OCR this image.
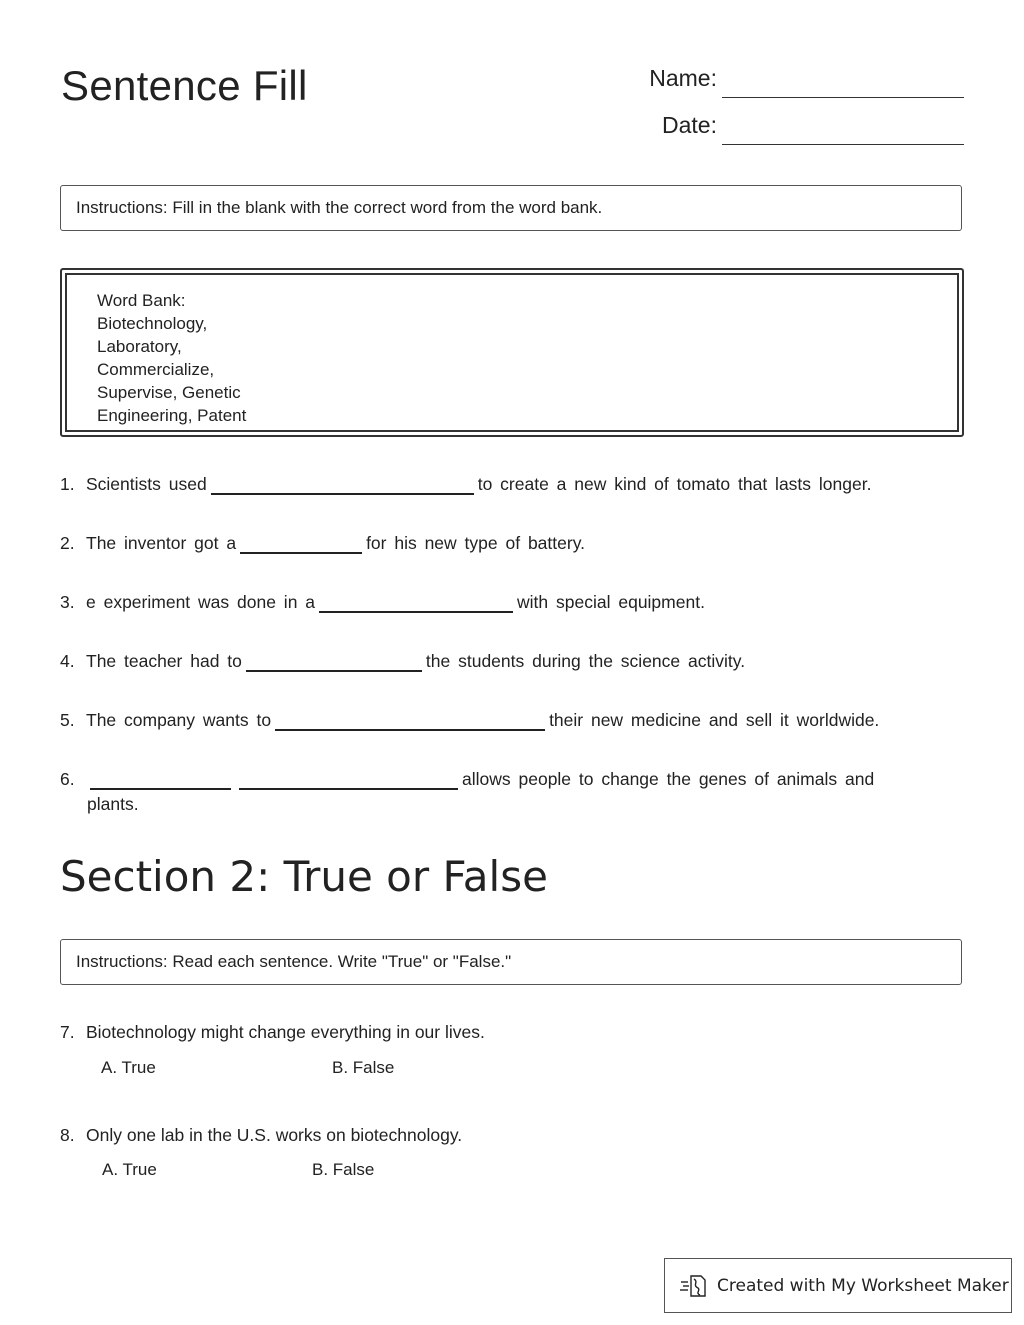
Sentence Fill	Name:
Date:
Instructions: Fill in the blank with the correct word from the word bank.
Word Bank:
Biotechnology,
Laboratory,
Commercialize,
Supervise, Genetic
Engineering, Patent
1. Scientists used	to create a new kind of tomato that lasts longer.
2. The inventor got a	for his new type of battery.
3. e experiment was done in a	with special equipment.
4. The teacher had to	the students during the science activity.
5. The company wants to	their new medicine and sell it worldwide.
6.	allows people to change the genes of animals and
plants.
Section 2: True or False
Instructions: Read each sentence. Write "True" or "False."
7. Biotechnology might change everything in our lives.
A. True	B. False
8. Only one lab in the U.S. works on biotechnology.
A. True	B. False
Created with My Worksheet Maker
